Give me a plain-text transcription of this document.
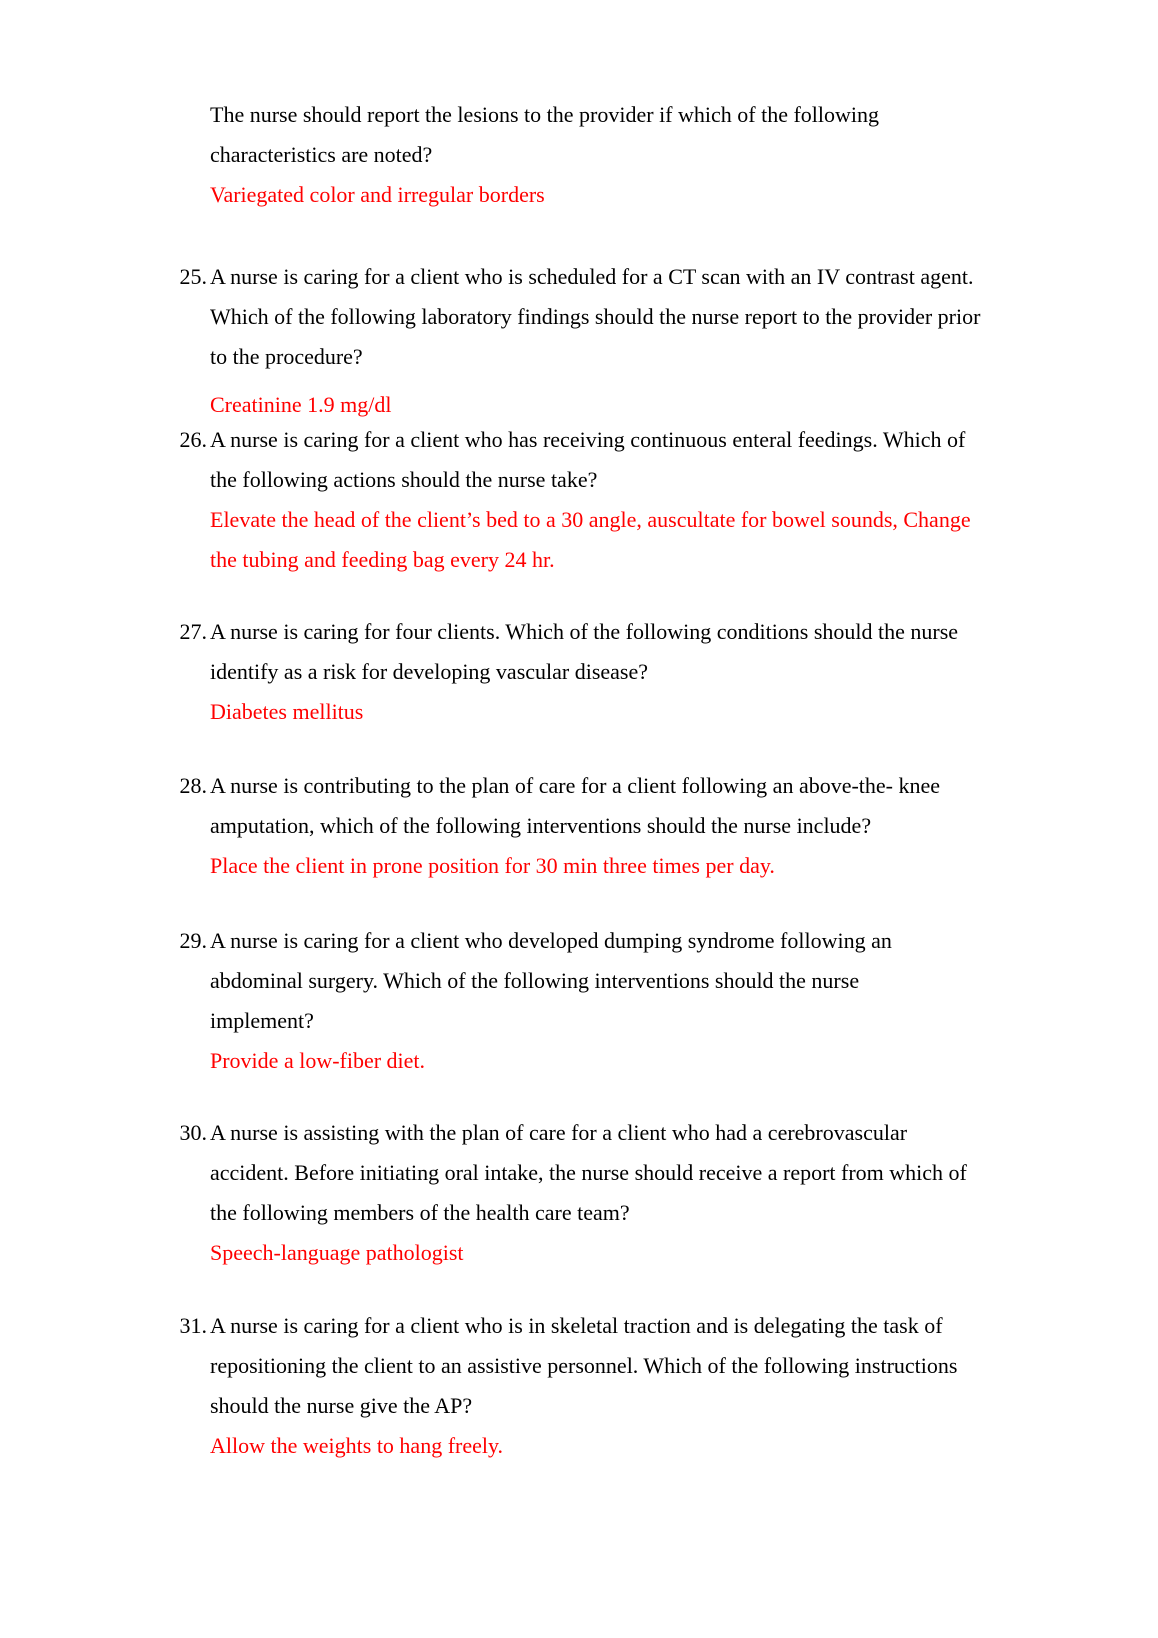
The nurse should report the lesions to the provider if which of the following
characteristics are noted?
Variegated color and irregular borders
25. A nurse is caring for a client who is scheduled for a CT scan with an IV contrast agent.
Which of the following laboratory findings should the nurse report to the provider prior
to the procedure?
Creatinine 1.9 mg/dl
26. A nurse is caring for a client who has receiving continuous enteral feedings. Which of
the following actions should the nurse take?
Elevate the head of the client’s bed to a 30 angle, auscultate for bowel sounds, Change
the tubing and feeding bag every 24 hr.
27. A nurse is caring for four clients. Which of the following conditions should the nurse
identify as a risk for developing vascular disease?
Diabetes mellitus
28. A nurse is contributing to the plan of care for a client following an above-the- knee
amputation, which of the following interventions should the nurse include?
Place the client in prone position for 30 min three times per day.
29. A nurse is caring for a client who developed dumping syndrome following an
abdominal surgery. Which of the following interventions should the nurse
implement?
Provide a low-fiber diet.
30. A nurse is assisting with the plan of care for a client who had a cerebrovascular
accident. Before initiating oral intake, the nurse should receive a report from which of
the following members of the health care team?
Speech-language pathologist
31. A nurse is caring for a client who is in skeletal traction and is delegating the task of
repositioning the client to an assistive personnel. Which of the following instructions
should the nurse give the AP?
Allow the weights to hang freely.
